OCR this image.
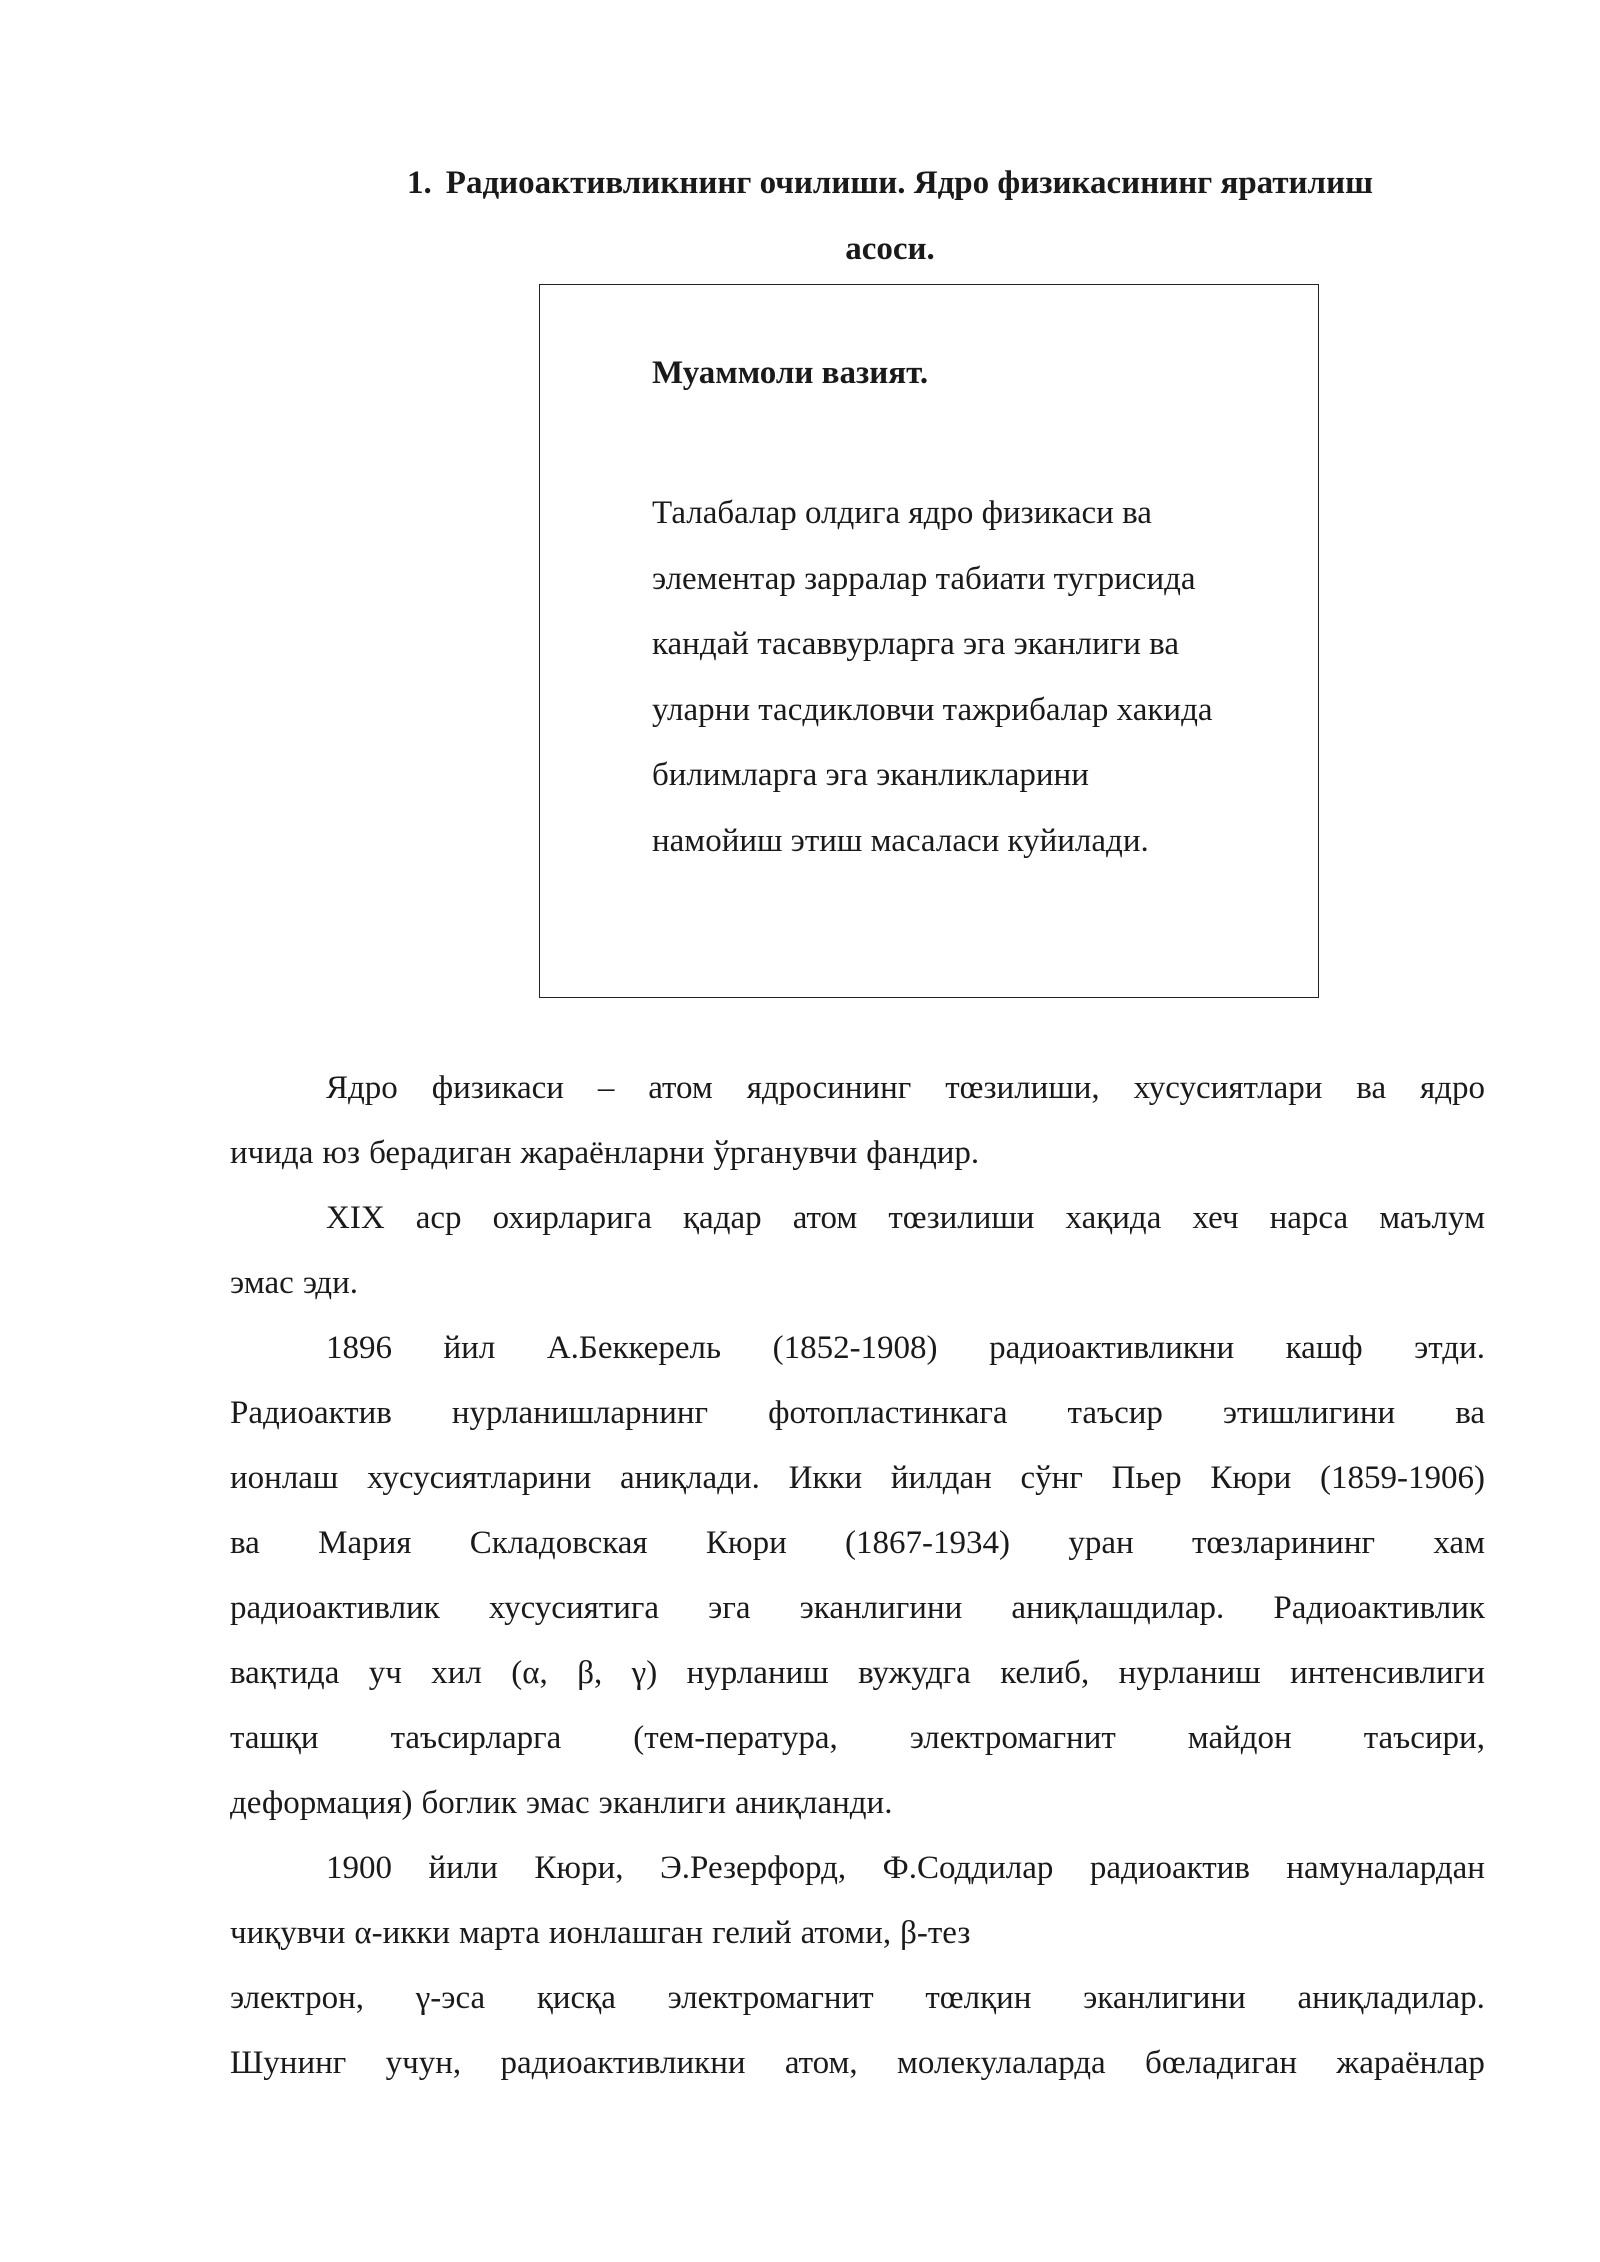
1. Радиоактивликнинг очилиши. Ядро физикасининг яратилиш
асоси.
Муаммоли вазият.
Талабалар олдига ядро физикаси ва
элементар зарралар табиати тугрисида
кандай тасаввурларга эга эканлиги ва
уларни тасдикловчи тажрибалар хакида
билимларга эга эканликларини
намойиш этиш масаласи куйилади.
Ядро физикаси – атом ядросининг тœзилиши, хусусиятлари ва ядро
ичида юз берадиган жараёнларни ўрганувчи фандир.
XIX аср охирларига қадар атом тœзилиши хақида хеч нарса маълум
эмас эди.
1896 йил А.Беккерель (1852-1908) радиоактивликни кашф этди.
Радиоактив нурланишларнинг фотопластинкага таъсир этишлигини ва
ионлаш хусусиятларини аниқлади. Икки йилдан сўнг Пьер Кюри (1859-1906)
ва Мария Складовская Кюри (1867-1934) уран тœзларининг хам
радиоактивлик хусусиятига эга эканлигини аниқлашдилар. Радиоактивлик
вақтида уч хил (α, β, γ) нурланиш вужудга келиб, нурланиш интенсивлиги
ташқи таъсирларга (тем-пература, электромагнит майдон таъсири,
деформация) боглик эмас эканлиги аниқланди.
1900 йили Кюри, Э.Резерфорд, Ф.Соддилар радиоактив намуналардан
чиқувчи α-икки марта ионлашган гелий атоми, β-тез
электрон, γ-эса қисқа электромагнит тœлқин эканлигини аниқладилар.
Шунинг учун, радиоактивликни атом, молекулаларда бœладиган жараёнлар
